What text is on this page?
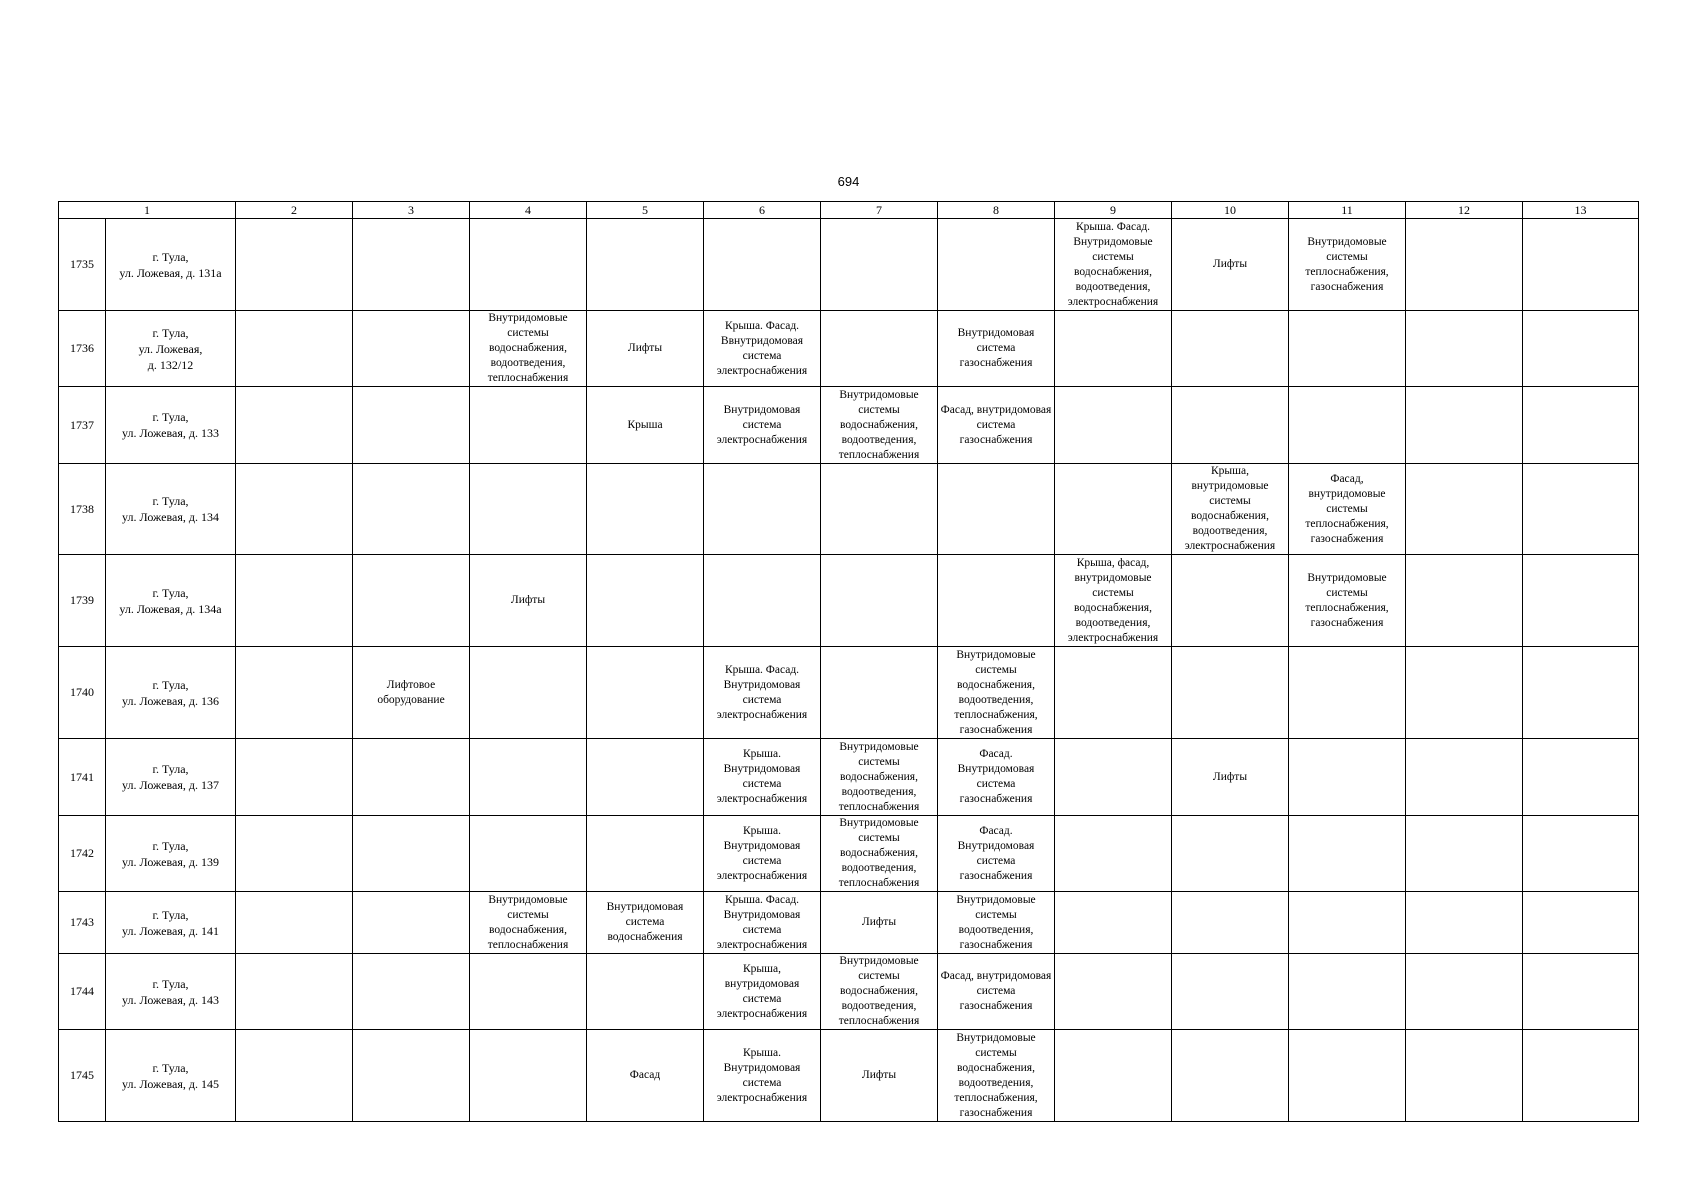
694
1		2	3	4	5	6	7	8	9	10	11	12	13
1735	г. Тула,
ул. Ложевая, д. 131а								Крыша. Фасад. Внутридомовые системы водоснабжения, водоотведения, электроснабжения	Лифты	Внутридомовые системы теплоснабжения, газоснабжения		
1736	г. Тула,
ул. Ложевая,
д. 132/12			Внутридомовые системы водоснабжения, водоотведения, теплоснабжения	Лифты	Крыша. Фасад. Ввнутридомовая система электроснабжения		Внутридомовая система газоснабжения					
1737	г. Тула,
ул. Ложевая, д. 133				Крыша	Внутридомовая система электроснабжения	Внутридомовые системы водоснабжения, водоотведения, теплоснабжения	Фасад, внутридомовая система газоснабжения					
1738	г. Тула,
ул. Ложевая, д. 134									Крыша, внутридомовые системы водоснабжения, водоотведения, электроснабжения	Фасад, внутридомовые системы теплоснабжения, газоснабжения		
1739	г. Тула,
ул. Ложевая, д. 134а			Лифты					Крыша, фасад, внутридомовые системы водоснабжения, водоотведения, электроснабжения		Внутридомовые системы теплоснабжения, газоснабжения		
1740	г. Тула,
ул. Ложевая, д. 136		Лифтовое оборудование			Крыша. Фасад. Внутридомовая система электроснабжения		Внутридомовые системы водоснабжения, водоотведения, теплоснабжения, газоснабжения					
1741	г. Тула,
ул. Ложевая, д. 137					Крыша. Внутридомовая система электроснабжения	Внутридомовые системы водоснабжения, водоотведения, теплоснабжения	Фасад. Внутридомовая система газоснабжения		Лифты			
1742	г. Тула,
ул. Ложевая, д. 139					Крыша. Внутридомовая система электроснабжения	Внутридомовые системы водоснабжения, водоотведения, теплоснабжения	Фасад. Внутридомовая система газоснабжения					
1743	г. Тула,
ул. Ложевая, д. 141			Внутридомовые системы водоснабжения, теплоснабжения	Внутридомовая система водоснабжения	Крыша. Фасад. Внутридомовая система электроснабжения	Лифты	Внутридомовые системы водоотведения, газоснабжения					
1744	г. Тула,
ул. Ложевая, д. 143					Крыша, внутридомовая система электроснабжения	Внутридомовые системы водоснабжения, водоотведения, теплоснабжения	Фасад, внутридомовая система газоснабжения					
1745	г. Тула,
ул. Ложевая, д. 145				Фасад	Крыша. Внутридомовая система электроснабжения	Лифты	Внутридомовые системы водоснабжения, водоотведения, теплоснабжения, газоснабжения					
